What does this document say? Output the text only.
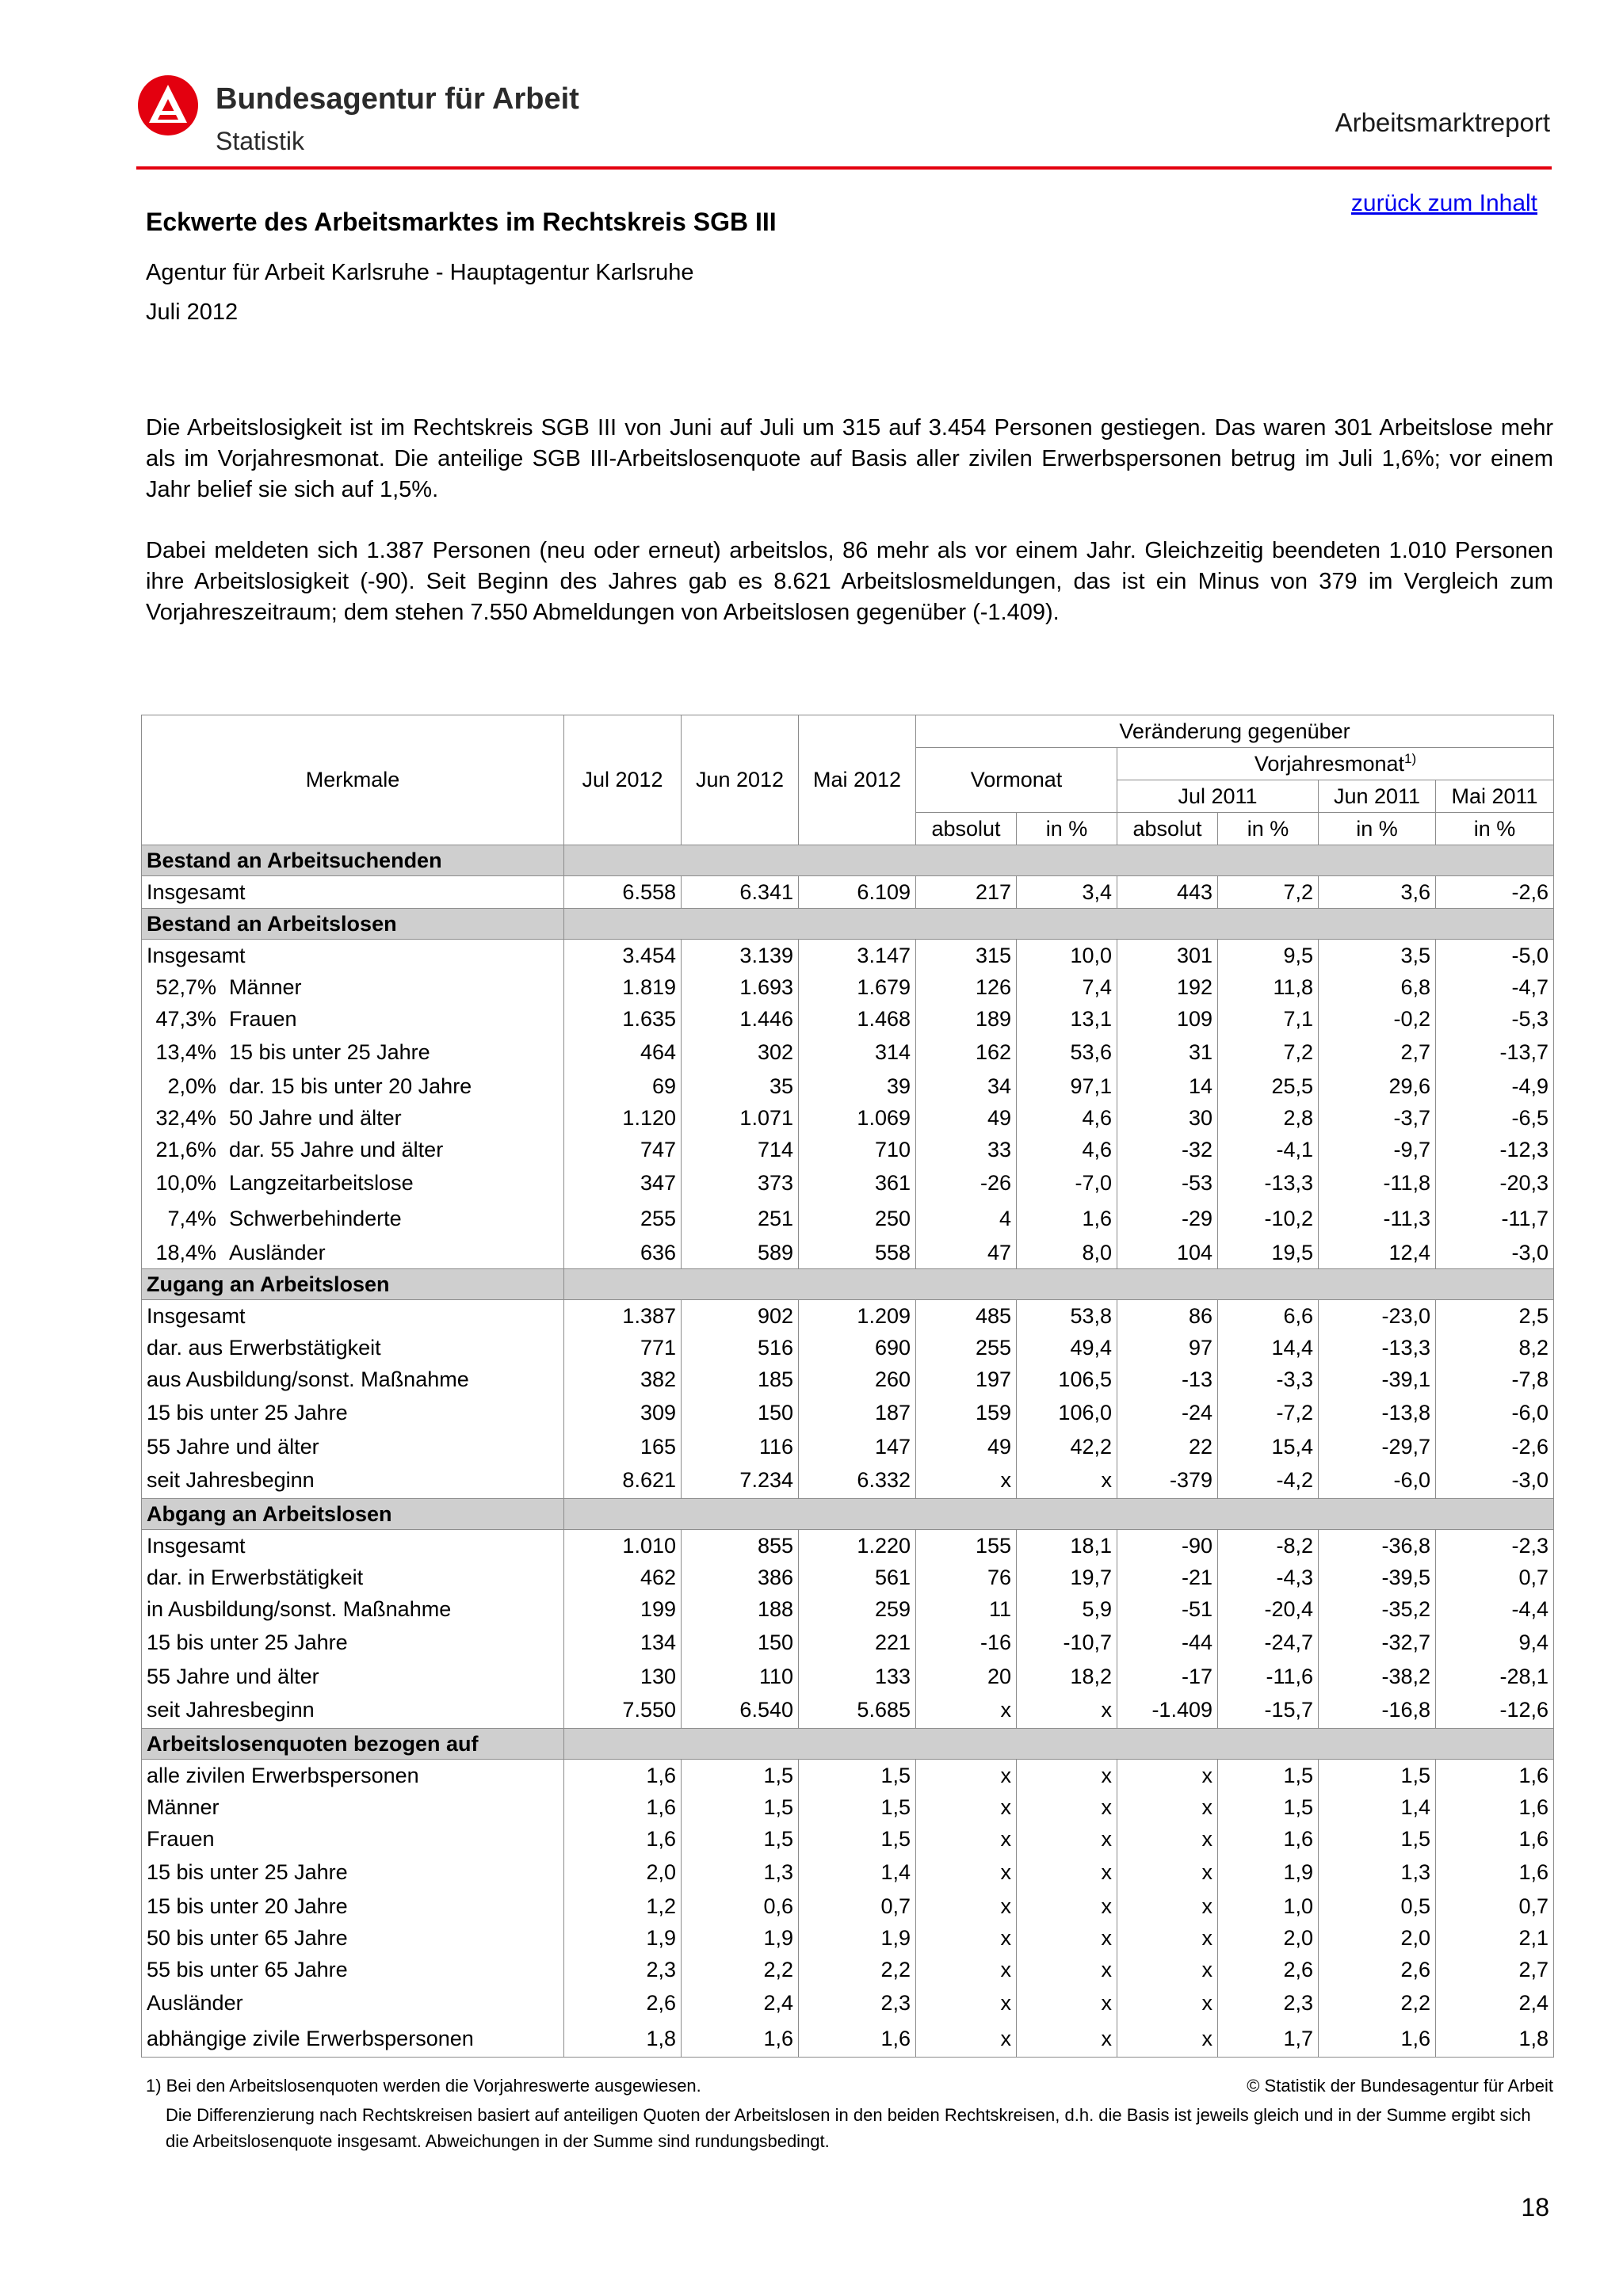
Bundesagentur für Arbeit
Statistik
Arbeitsmarktreport
zurück zum Inhalt
Eckwerte des Arbeitsmarktes im Rechtskreis SGB III
Agentur für Arbeit Karlsruhe - Hauptagentur Karlsruhe
Juli 2012

Die Arbeitslosigkeit ist im Rechtskreis SGB III von Juni auf Juli um 315 auf 3.454 Personen gestiegen. Das waren 301 Arbeitslose mehr als im Vorjahresmonat. Die anteilige SGB III-Arbeitslosenquote auf Basis aller zivilen Erwerbspersonen betrug im Juli 1,6%; vor einem Jahr belief sie sich auf 1,5%.

Dabei meldeten sich 1.387 Personen (neu oder erneut) arbeitslos, 86 mehr als vor einem Jahr. Gleichzeitig beendeten 1.010 Personen ihre Arbeitslosigkeit (-90). Seit Beginn des Jahres gab es 8.621 Arbeitslosmeldungen, das ist ein Minus von 379 im Vergleich zum Vorjahreszeitraum; dem stehen 7.550 Abmeldungen von Arbeitslosen gegenüber (-1.409).

Merkmale	Jul 2012	Jun 2012	Mai 2012	Veränderung gegenüber					
				Vormonat		Vorjahresmonat$^{1)}$
						Jul 2011		Jun 2011	Mai 2011
				absolut	in %	absolut	in %	in %	in %
Bestand an Arbeitsuchenden									
Insgesamt	6.558	6.341	6.109	217	3,4	443	7,2	3,6	-2,6
Bestand an Arbeitslosen									
Insgesamt	3.454	3.139	3.147	315	10,0	301	9,5	3,5	-5,0
52,7% Männer	1.819	1.693	1.679	126	7,4	192	11,8	6,8	-4,7
47,3% Frauen	1.635	1.446	1.468	189	13,1	109	7,1	-0,2	-5,3
13,4% 15 bis unter 25 Jahre	464	302	314	162	53,6	31	7,2	2,7	-13,7
2,0% dar. 15 bis unter 20 Jahre	69	35	39	34	97,1	14	25,5	29,6	-4,9
32,4% 50 Jahre und älter	1.120	1.071	1.069	49	4,6	30	2,8	-3,7	-6,5
21,6% dar. 55 Jahre und älter	747	714	710	33	4,6	-32	-4,1	-9,7	-12,3
10,0% Langzeitarbeitslose	347	373	361	-26	-7,0	-53	-13,3	-11,8	-20,3
7,4% Schwerbehinderte	255	251	250	4	1,6	-29	-10,2	-11,3	-11,7
18,4% Ausländer	636	589	558	47	8,0	104	19,5	12,4	-3,0
Zugang an Arbeitslosen									
Insgesamt	1.387	902	1.209	485	53,8	86	6,6	-23,0	2,5
dar. aus Erwerbstätigkeit	771	516	690	255	49,4	97	14,4	-13,3	8,2
aus Ausbildung/sonst. Maßnahme	382	185	260	197	106,5	-13	-3,3	-39,1	-7,8
15 bis unter 25 Jahre	309	150	187	159	106,0	-24	-7,2	-13,8	-6,0
55 Jahre und älter	165	116	147	49	42,2	22	15,4	-29,7	-2,6
seit Jahresbeginn	8.621	7.234	6.332	x	x	-379	-4,2	-6,0	-3,0
Abgang an Arbeitslosen									
Insgesamt	1.010	855	1.220	155	18,1	-90	-8,2	-36,8	-2,3
dar. in Erwerbstätigkeit	462	386	561	76	19,7	-21	-4,3	-39,5	0,7
in Ausbildung/sonst. Maßnahme	199	188	259	11	5,9	-51	-20,4	-35,2	-4,4
15 bis unter 25 Jahre	134	150	221	-16	-10,7	-44	-24,7	-32,7	9,4
55 Jahre und älter	130	110	133	20	18,2	-17	-11,6	-38,2	-28,1
seit Jahresbeginn	7.550	6.540	5.685	x	x	-1.409	-15,7	-16,8	-12,6
Arbeitslosenquoten bezogen auf									
alle zivilen Erwerbspersonen	1,6	1,5	1,5	x	x	x	1,5	1,5	1,6
Männer	1,6	1,5	1,5	x	x	x	1,5	1,4	1,6
Frauen	1,6	1,5	1,5	x	x	x	1,6	1,5	1,6
15 bis unter 25 Jahre	2,0	1,3	1,4	x	x	x	1,9	1,3	1,6
15 bis unter 20 Jahre	1,2	0,6	0,7	x	x	x	1,0	0,5	0,7
50 bis unter 65 Jahre	1,9	1,9	1,9	x	x	x	2,0	2,0	2,1
55 bis unter 65 Jahre	2,3	2,2	2,2	x	x	x	2,6	2,6	2,7
Ausländer	2,6	2,4	2,3	x	x	x	2,3	2,2	2,4
abhängige zivile Erwerbspersonen	1,8	1,6	1,6	x	x	x	1,7	1,6	1,8
1) Bei den Arbeitslosenquoten werden die Vorjahreswerte ausgewiesen.	© Statistik der Bundesagentur für Arbeit

Die Differenzierung nach Rechtskreisen basiert auf anteiligen Quoten der Arbeitslosen in den beiden Rechtskreisen, d.h. die Basis ist jeweils gleich und in der Summe ergibt sich die Arbeitslosenquote insgesamt. Abweichungen in der Summe sind rundungsbedingt.

18
